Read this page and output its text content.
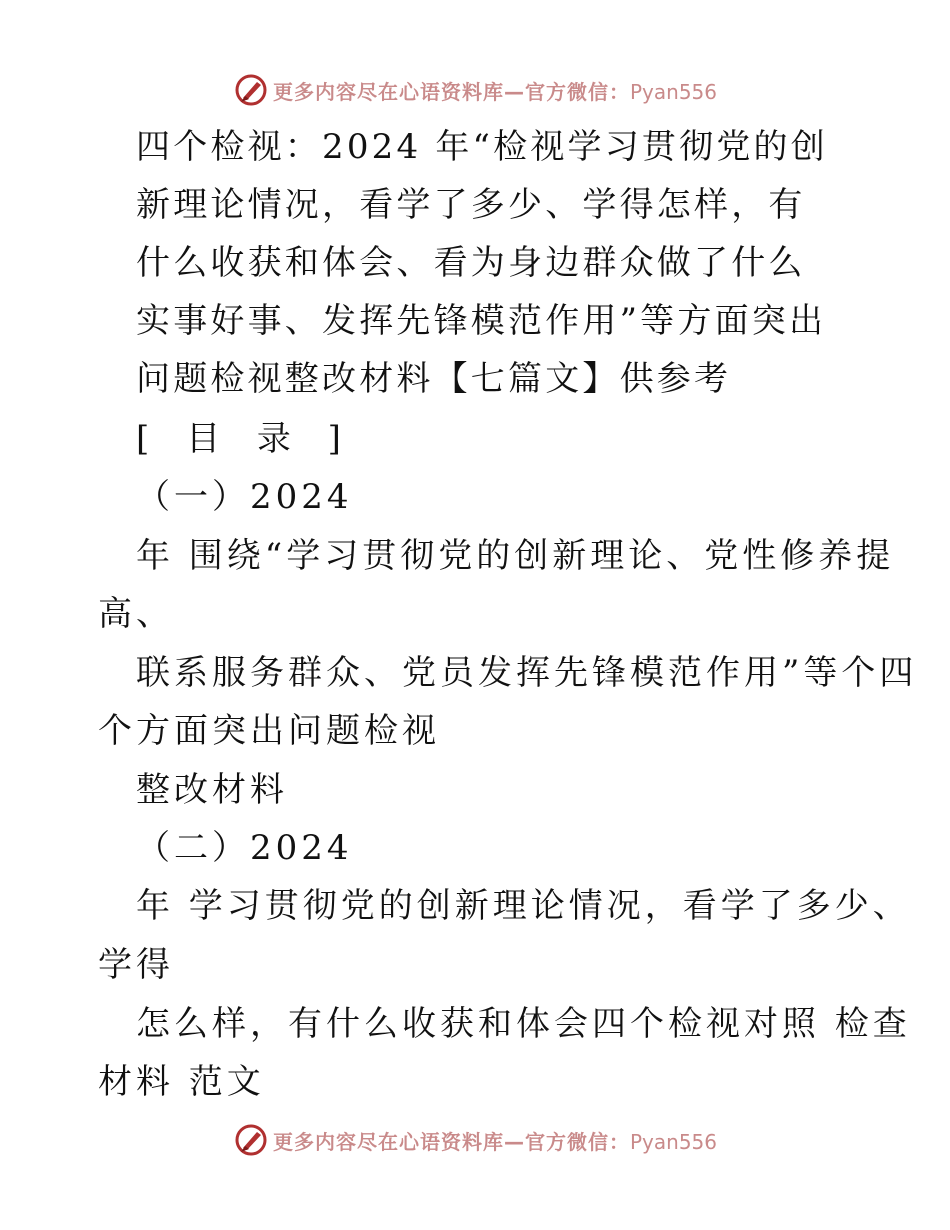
更多内容尽在心语资料库—官方微信：Pyan556
四个检视：2024 年“检视学习贯彻党的创
新理论情况，看学了多少、学得怎样，有
什么收获和体会、看为身边群众做了什么
实事好事、发挥先锋模范作用”等方面突出
问题检视整改材料【七篇文】供参考
[ 目 录 ]
（一）2024
年 围绕“学习贯彻党的创新理论、党性修养提
高、
联系服务群众、党员发挥先锋模范作用”等个四
个方面突出问题检视
整改材料
（二）2024
年 学习贯彻党的创新理论情况，看学了多少、
学得
怎么样，有什么收获和体会四个检视对照 检查
材料 范文
更多内容尽在心语资料库—官方微信：Pyan556
